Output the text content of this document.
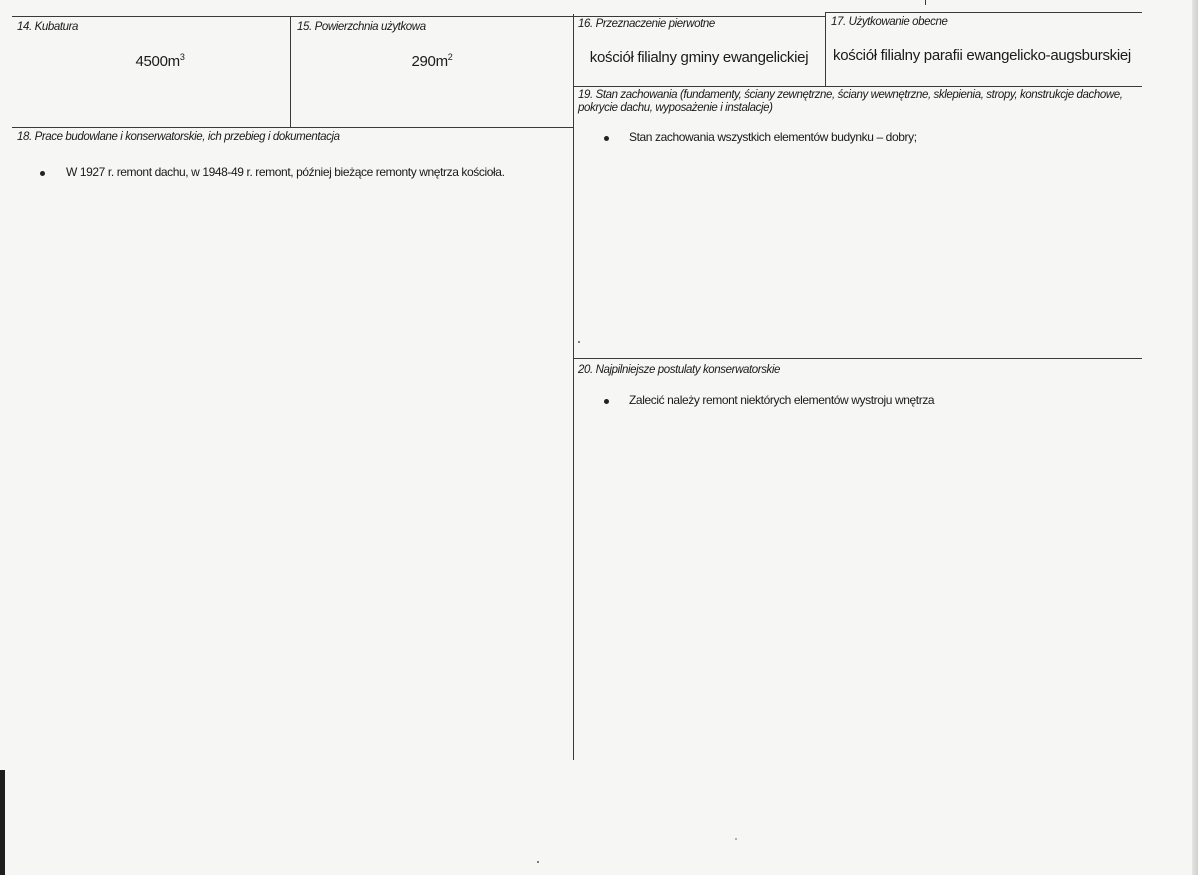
14. Kubatura
$4500m^3$
15. Powierzchnia użytkowa
$290m^2$
16. Przeznaczenie pierwotne
kościół filialny gminy ewangelickiej
17. Użytkowanie obecne
kościół filialny parafii ewangelicko-augsburskiej
18. Prace budowlane i konserwatorskie, ich przebieg i dokumentacja
W 1927 r. remont dachu, w 1948-49 r. remont, później bieżące remonty wnętrza kościoła.
19. Stan zachowania (fundamenty, ściany zewnętrzne, ściany wewnętrzne, sklepienia, stropy, konstrukcje dachowe, pokrycie dachu, wyposażenie i instalacje)
Stan zachowania wszystkich elementów budynku – dobry;
20. Najpilniejsze postulaty konserwatorskie
Zalecić należy remont niektórych elementów wystroju wnętrza
